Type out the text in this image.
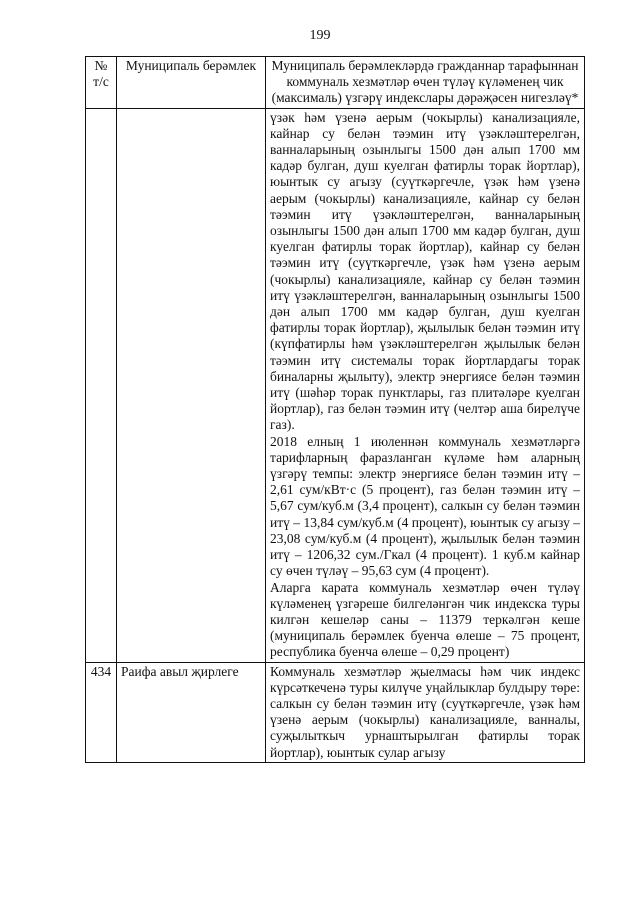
199
№ т/с	Муниципаль берәмлек	Муниципаль берәмлекләрдә гражданнар тарафыннан коммуналь хезмәтләр өчен түләү күләменең чик (максималь) үзгәрү индекслары дәрәҗәсен нигезләү*

		үзәк һәм үзенә аерым (чокырлы) канализацияле, кайнар су белән тәэмин итү үзәкләштерелгән, ванналарының озынлыгы 1500 дән алып 1700 мм кадәр булган, душ куелган фатирлы торак йортлар), юынтык су агызу (суүткәргечле, үзәк һәм үзенә аерым (чокырлы) канализацияле, кайнар су белән тәэмин итү үзәкләштерелгән, ванналарының озынлыгы 1500 дән алып 1700 мм кадәр булган, душ куелган фатирлы торак йортлар), кайнар су белән тәэмин итү (суүткәргечле, үзәк һәм үзенә аерым (чокырлы) канализацияле, кайнар су белән тәэмин итү үзәкләштерелгән, ванналарының озынлыгы 1500 дән алып 1700 мм кадәр булган, душ куелган фатирлы торак йортлар), җылылык белән тәэмин итү (күпфатирлы һәм үзәкләштерелгән җылылык белән тәэмин итү системалы торак йортлардагы торак биналарны җылыту), электр энергиясе белән тәэмин итү (шәһәр торак пунктлары, газ плитәләре куелган йортлар), газ белән тәэмин итү (челтәр аша бирелүче газ).

2018 елның 1 июленнән коммуналь хезмәтләргә тарифларның фаразланган күләме һәм аларның үзгәрү темпы: электр энергиясе белән тәэмин итү – 2,61 сум/кВт·с (5 процент), газ белән тәэмин итү – 5,67 сум/куб.м (3,4 процент), салкын су белән тәэмин итү – 13,84 сум/куб.м (4 процент), юынтык су агызу – 23,08 сум/куб.м (4 процент), җылылык белән тәэмин итү – 1206,32 сум./Гкал (4 процент). 1 куб.м кайнар су өчен түләү – 95,63 сум (4 процент).

Аларга карата коммуналь хезмәтләр өчен түләү күләменең үзгәреше билгеләнгән чик индекска туры килгән кешеләр саны – 11379 теркәлгән кеше (муниципаль берәмлек буенча өлеше – 75 процент, республика буенча өлеше – 0,29 процент)

434	Раифа авыл җирлеге	Коммуналь хезмәтләр җыелмасы һәм чик индекс күрсәткеченә туры килүче уңайлыклар булдыру төре: салкын су белән тәэмин итү (суүткәргечле, үзәк һәм үзенә аерым (чокырлы) канализацияле, ванналы, суҗылыткыч урнаштырылган фатирлы торак йортлар), юынтык сулар агызу
